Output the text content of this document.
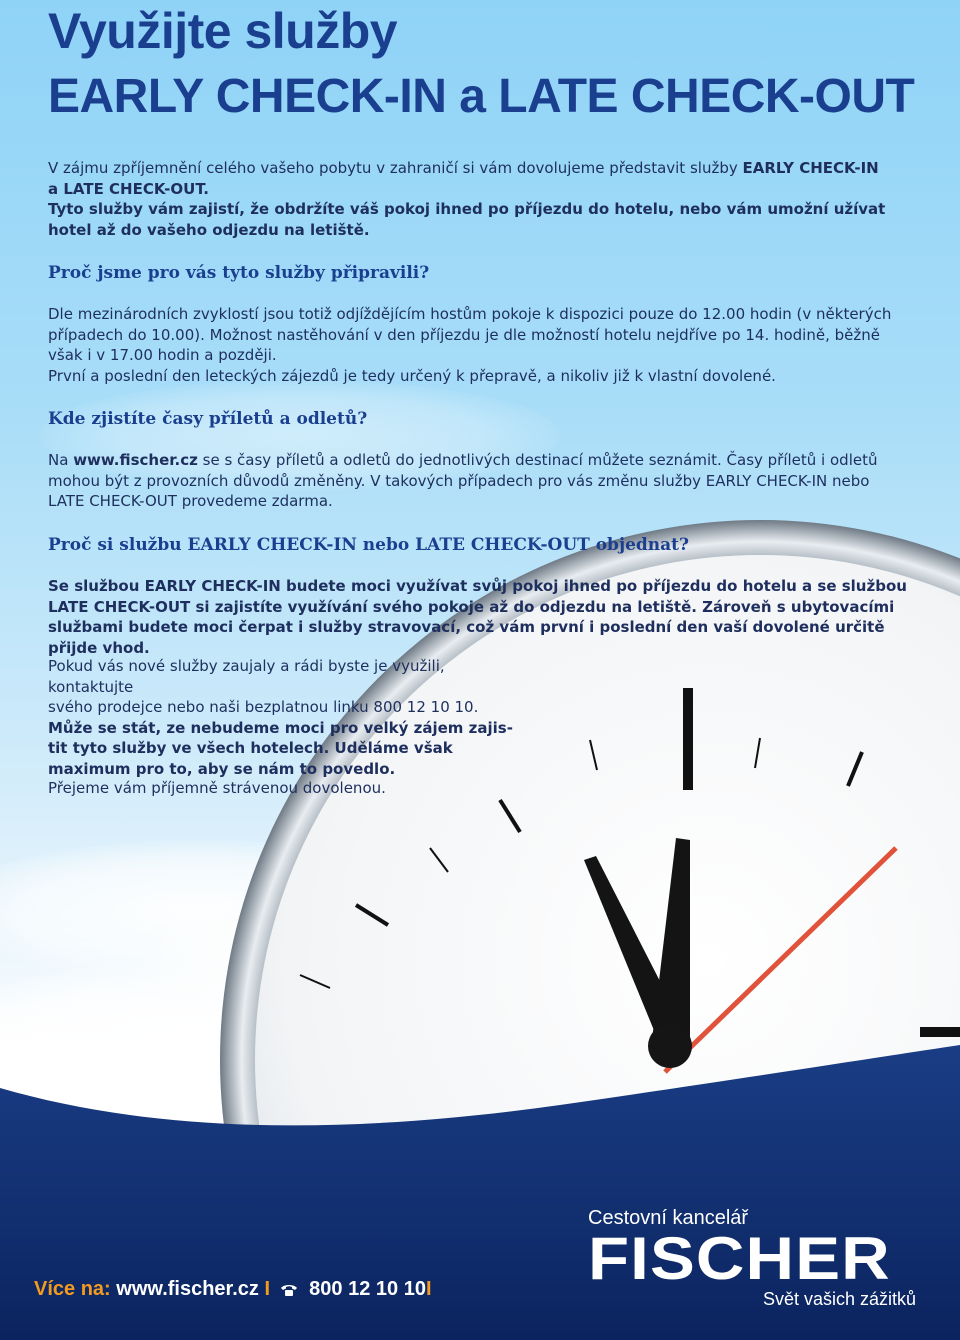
Využijte služby
EARLY CHECK-IN a LATE CHECK-OUT

V zájmu zpříjemnění celého vašeho pobytu v zahraničí si vám dovolujeme představit služby EARLY CHECK-IN
a LATE CHECK-OUT.
Tyto služby vám zajistí, že obdržíte váš pokoj ihned po příjezdu do hotelu, nebo vám umožní užívat hotel až do vašeho odjezdu na letiště.

Proč jsme pro vás tyto služby připravili?

Dle mezinárodních zvyklostí jsou totiž odjíždějícím hostům pokoje k dispozici pouze do 12.00 hodin (v některých případech do 10.00). Možnost nastěhování v den příjezdu je dle možností hotelu nejdříve po 14. hodině, běžně však i v 17.00 hodin a později.

První a poslední den leteckých zájezdů je tedy určený k přepravě, a nikoliv již k vlastní dovolené.

Kde zjistíte časy příletů a odletů?

Na www.fischer.cz se s časy příletů a odletů do jednotlivých destinací můžete seznámit. Časy příletů i odletů mohou být z provozních důvodů změněny. V takových případech pro vás změnu služby EARLY CHECK-IN nebo LATE CHECK-OUT provedeme zdarma.

Proč si službu EARLY CHECK-IN nebo LATE CHECK-OUT objednat?

Se službou EARLY CHECK-IN budete moci využívat svůj pokoj ihned po příjezdu do hotelu a se službou LATE CHECK-OUT si zajistíte využívání svého pokoje až do odjezdu na letiště. Zároveň s ubytovacími službami budete moci čerpat i služby stravovací, což vám první i poslední den vaší dovolené určitě přijde vhod.

Pokud vás nové služby zaujaly a rádi byste je využili, kontaktujte
svého prodejce nebo naši bezplatnou linku 800 12 10 10.
Může se stát, ze nebudeme moci pro velký zájem zajis-
tit tyto služby ve všech hotelech. Uděláme však
maximum pro to, aby se nám to povedlo.

Přejeme vám příjemně strávenou dovolenou.

Více na: www.fischer.cz I 800 12 10 10I
Cestovní kancelář
FISCHER
Svět vašich zážitků
